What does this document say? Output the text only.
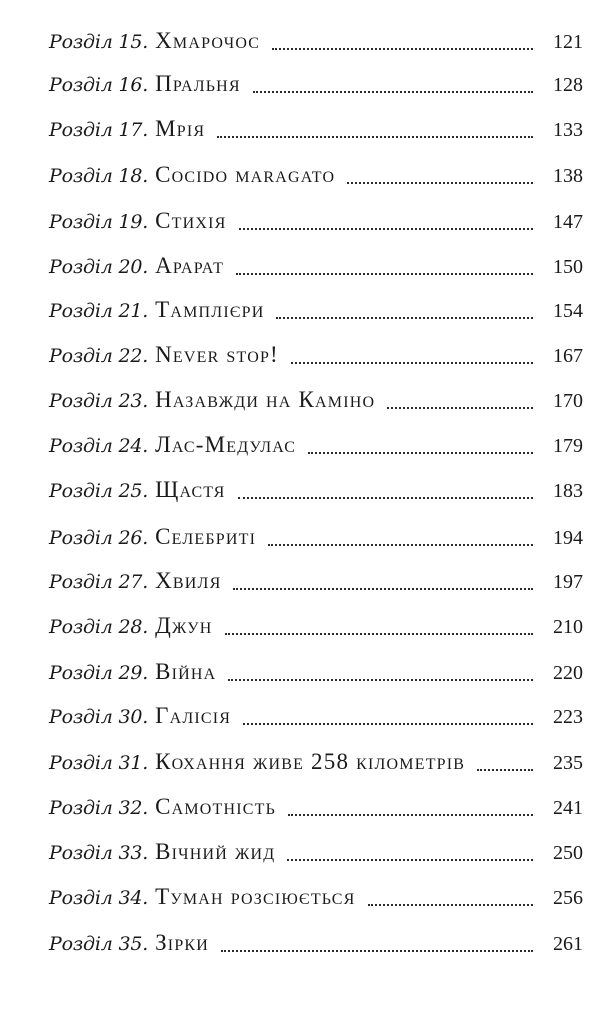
Розділ 15. Хмарочос	121
Розділ 16. Пральня	128
Розділ 17. Мрія	133
Розділ 18. Cocido maragato	138
Розділ 19. Стихія	147
Розділ 20. Арарат	150
Розділ 21. Тамплієри	154
Розділ 22. Never stop!	167
Розділ 23. Назавжди на Каміно	170
Розділ 24. Лас-Медулас	179
Розділ 25. Щастя	183
Розділ 26. Селебриті	194
Розділ 27. Хвиля	197
Розділ 28. Джун	210
Розділ 29. Війна	220
Розділ 30. Галісія	223
Розділ 31. Кохання живе 258 кілометрів	235
Розділ 32. Самотність	241
Розділ 33. Вічний жид	250
Розділ 34. Туман розсіюється	256
Розділ 35. Зірки	261
